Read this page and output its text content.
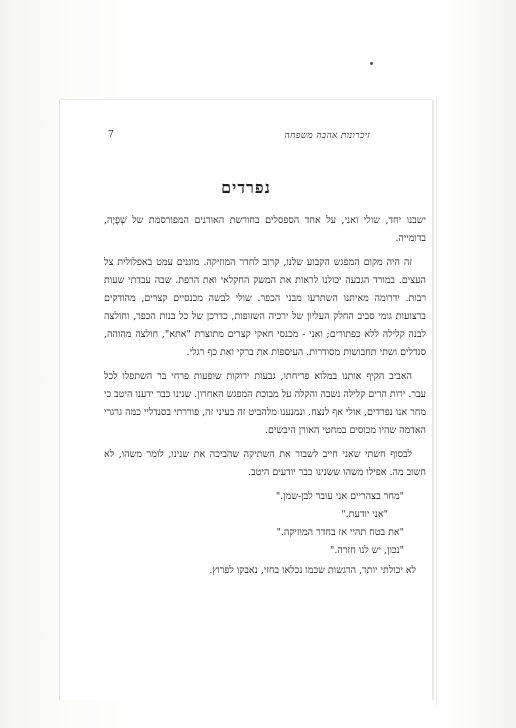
זיכרונות אהבה משפחה
7
נפרדים

ישבנו יחד, שולי ואני, על אחד הספסלים בחורשת האורנים המפורסמת של שְׁפֶיָה, בדומייה.

זה היה מקום המפגש הקבוע שלנו, קרוב לחדר המוזיקה. מוגנים עמט באפלולית צל העצים. במורד הגבעה יכולנו לראות את המשק החקלאי ואת הרפת. שבה עבדתי שעות רבות. ידרומה מאיתנו השתרעו מבני הכפר. שולי לבשה מכנסיים קצרים, מהודקים ברצועות גומי סביב החלק העליון של ירכיה השזופות, כדרכן של כל בנות הכפר, וחולצה לבנה קלילה ללא כפתורים; ואני - מכנסי חאקי קצרים מתוצרת "אתא", חולצה מהוהה, סנדלים ושתי תחבושות מסודרות. העיספות את ברקי ואת כף רגלי.

האביב הקיף אותנו במלוא פריחתו, גבעות ירוקות שופעות פרחי בר השתפלו לכל עבר. ירות הרים קלילה נשבה והקלה על מבוכת המפגש האחרון. שנינו כבר ידענו היטב כי מחר אנו נפרדים, אולי אף לנצח. ונמנענו מלהביט זה בעיני זה, פוררתי בסנדליי כמה גרגרי האדמה שהיו מכוסים במחטי האורן היבשים.

לבסוף חשתי שאני חייב לשבור את השתיקה שהביכה את שנינו, לומר משהו, לא חשוב מה. אפילו משהו ששנינו כבר יודעים היטב.

"מחר בצהריים אני עובר לבן-שמן."

"אני יודעת."

"את בטח תהיי אז בחדר המוזיקה."

"נכון, יש לנו חזרה."

לא יכולתי יותר, הרגשות שכמו נכלאו בחזי, נאבקו לפרוץ.
